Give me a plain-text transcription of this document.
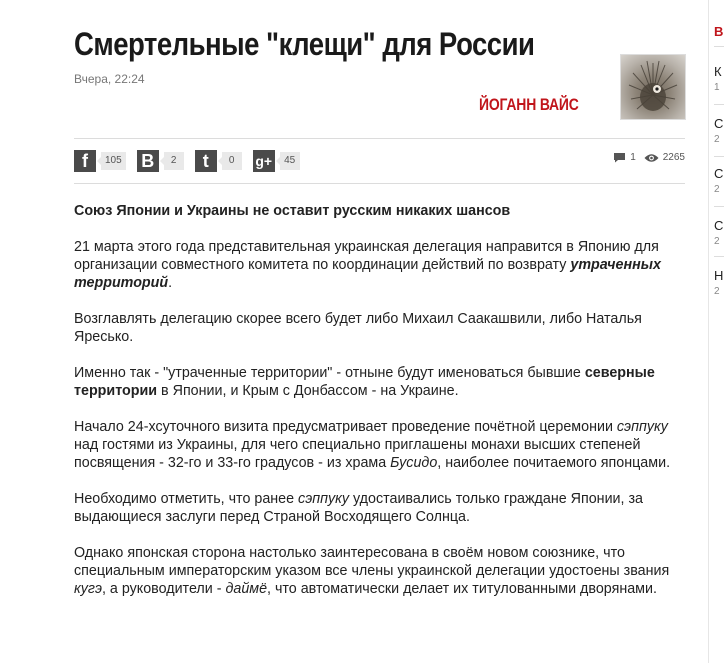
Смертельные "клещи" для России
Вчера, 22:24
ЙОГАНН ВАЙС
f	105 В	2	t	0	g+	45	1	2265

Союз Японии и Украины не оставит русским никаких шансов

21 марта этого года представительная украинская делегация направится в Японию для организации совместного комитета по координации действий по возврату утраченных территорий.

Возглавлять делегацию скорее всего будет либо Михаил Саакашвили, либо Наталья Яресько.

Именно так - "утраченные территории" - отныне будут именоваться бывшие северные территории в Японии, и Крым с Донбассом - на Украине.

Начало 24-хсуточного визита предусматривает проведение почётной церемонии сэппуку над гостями из Украины, для чего специально приглашены монахи высших степеней посвящения - 32-го и 33-го градусов - из храма Бусидо, наиболее почитаемого японцами.

Необходимо отметить, что ранее сэппуку удостаивались только граждане Японии, за выдающиеся заслуги перед Страной Восходящего Солнца.

Однако японская сторона настолько заинтересована в своём новом союзнике, что специальным императорским указом все члены украинской делегации удостоены звания кугэ, а руководители - даймё, что автоматически делает их титулованными дворянами.

В
К
1
С
2
С
2
С
2
Н
2
